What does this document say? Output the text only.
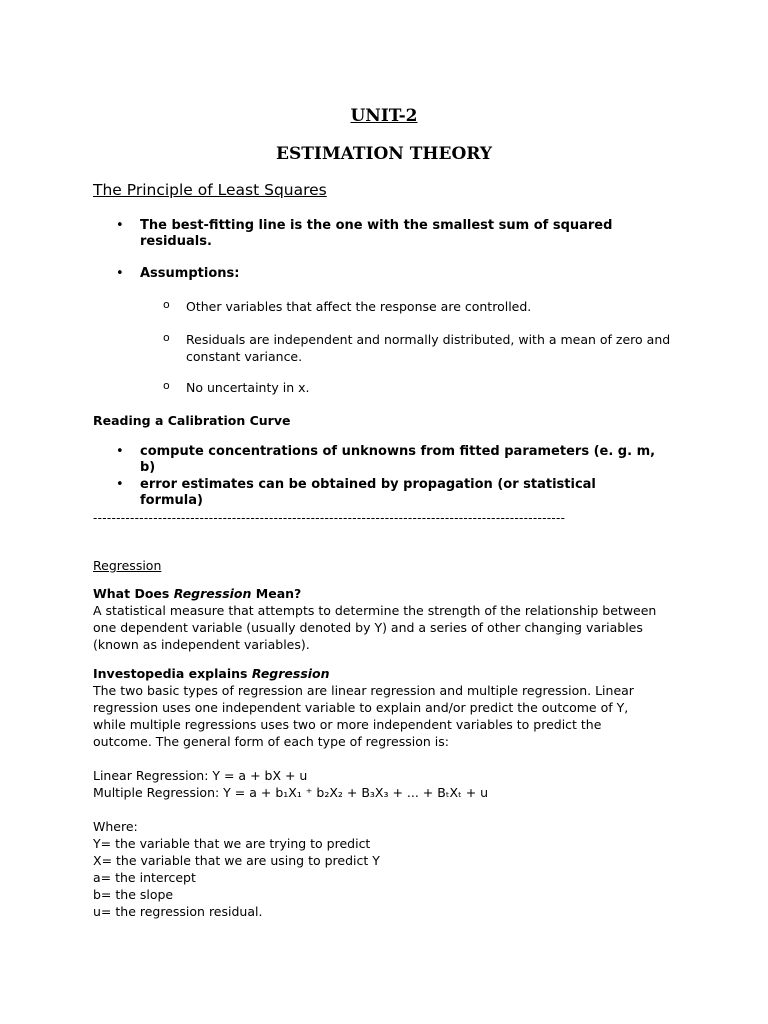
UNIT-2
ESTIMATION THEORY
The Principle of Least Squares
• The best-fitting line is the one with the smallest sum of squared residuals.
• Assumptions:
o Other variables that affect the response are controlled.
o Residuals are independent and normally distributed, with a mean of zero and constant variance.
o No uncertainty in x.
Reading a Calibration Curve
• compute concentrations of unknowns from fitted parameters (e. g. m, b)
• error estimates can be obtained by propagation (or statistical formula)
------------------------------------------------------------------------------------------------------
Regression
What Does Regression Mean?
A statistical measure that attempts to determine the strength of the relationship between one dependent variable (usually denoted by Y) and a series of other changing variables (known as independent variables).
Investopedia explains Regression
The two basic types of regression are linear regression and multiple regression. Linear regression uses one independent variable to explain and/or predict the outcome of Y, while multiple regressions uses two or more independent variables to predict the outcome. The general form of each type of regression is:
Linear Regression: Y = a + bX + u
Multiple Regression: Y = a + b₁X₁ ⁺ b₂X₂ + B₃X₃ + ... + BₜXₜ + u
Where:
Y= the variable that we are trying to predict
X= the variable that we are using to predict Y
a= the intercept
b= the slope
u= the regression residual.
